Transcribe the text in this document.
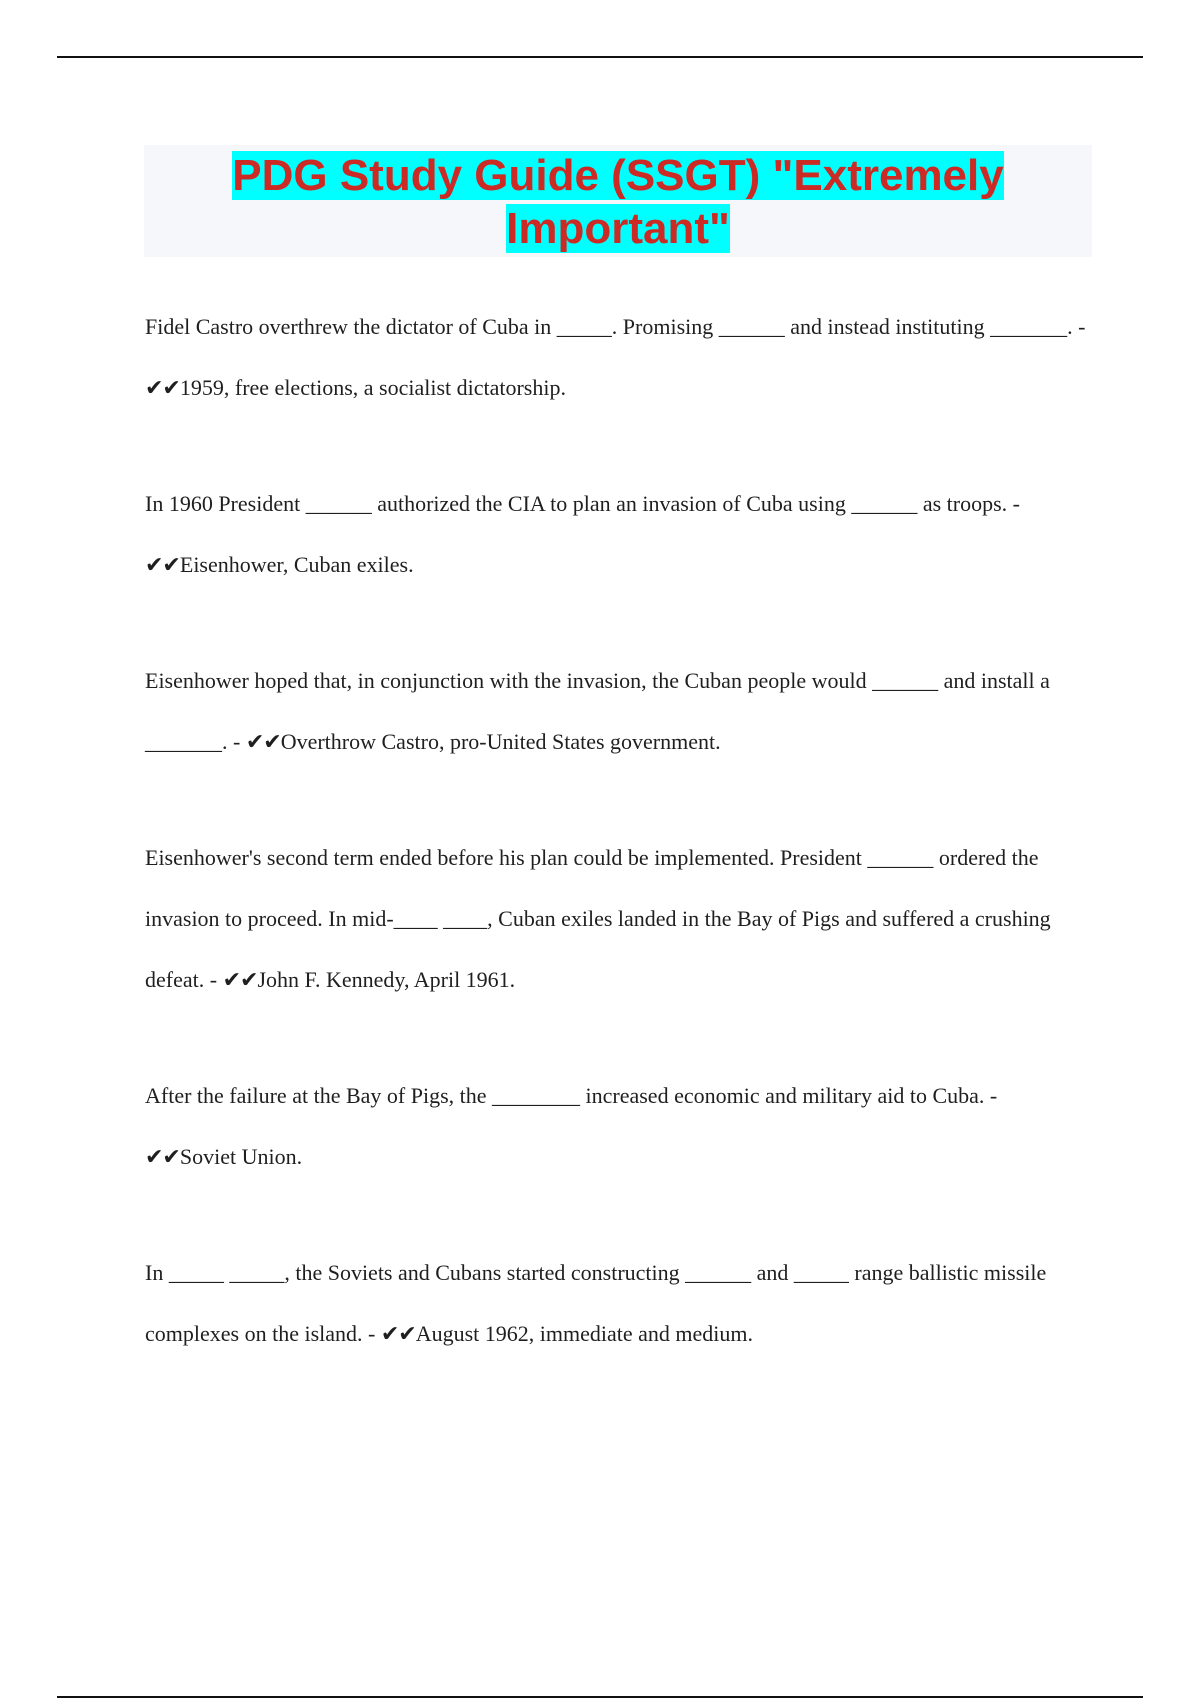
PDG Study Guide (SSGT) "Extremely Important"

Fidel Castro overthrew the dictator of Cuba in _____. Promising ______ and instead instituting _______. - ✔✔1959, free elections, a socialist dictatorship.

In 1960 President ______ authorized the CIA to plan an invasion of Cuba using ______ as troops. - ✔✔Eisenhower, Cuban exiles.

Eisenhower hoped that, in conjunction with the invasion, the Cuban people would ______ and install a _______. - ✔✔Overthrow Castro, pro-United States government.

Eisenhower's second term ended before his plan could be implemented. President ______ ordered the invasion to proceed. In mid-____ ____, Cuban exiles landed in the Bay of Pigs and suffered a crushing defeat. - ✔✔John F. Kennedy, April 1961.

After the failure at the Bay of Pigs, the ________ increased economic and military aid to Cuba. - ✔✔Soviet Union.

In _____ _____, the Soviets and Cubans started constructing ______ and _____ range ballistic missile complexes on the island. - ✔✔August 1962, immediate and medium.
